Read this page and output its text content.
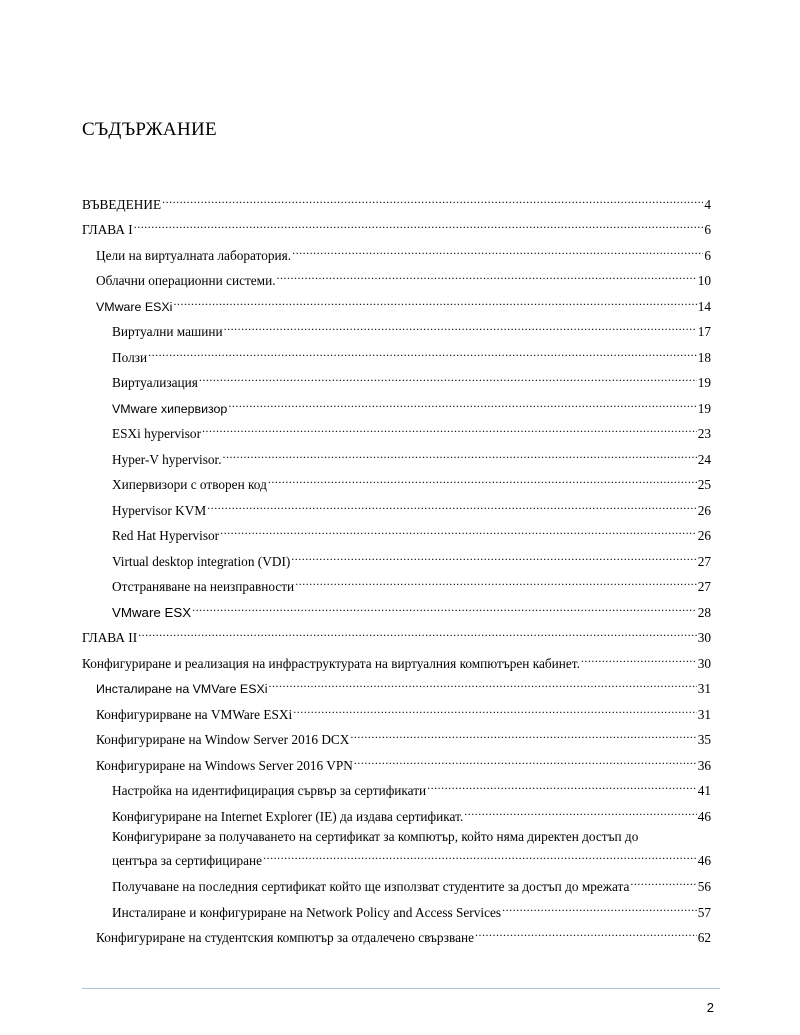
СЪДЪРЖАНИЕ
ВЪВЕДЕНИЕ .....	4
ГЛАВА I .....	6
Цели на виртуалната лаборатория. .....	6
Облачни операционни системи. .....	10
VMware ESXi .....	14
Виртуални машини .....	17
Ползи .....	18
Виртуализация .....	19
VMware хипервизор .....	19
ESXi hypervisor .....	23
Hyper-V hypervisor. .....	24
Хипервизори с отворен код .....	25
Hypervisor KVM .....	26
Red Hat Hypervisor .....	26
Virtual desktop integration (VDI) .....	27
Отстраняване на неизправности .....	27
VMware ESX .....	28
ГЛАВА II .....	30
Конфигуриране и реализация на инфраструктурата на виртуалния компютърен кабинет. .....	30
Инсталиране на VMVare ESXi .....	31
Конфигурирване на VMWare ESXi .....	31
Конфигуриране на Window Server 2016 DCX .....	35
Конфигуриране на Windows Server 2016 VPN .....	36
Настройка на идентифицирация сървър за сертификати .....	41
Конфигуриране на Internet Explorer (IE) да издава сертификат. .....	46
Конфигуриране за получаването на сертификат за компютър, който няма директен достъп до
центъра за сертифициране .....	46
Получаване на последния сертификат който ще използват студентите за достъп до мрежата .....	56
Инсталиране и конфигуриране на Network Policy and Access Services .....	57
Конфигуриране на студентския компютър за отдалечено свързване .....	62
2
